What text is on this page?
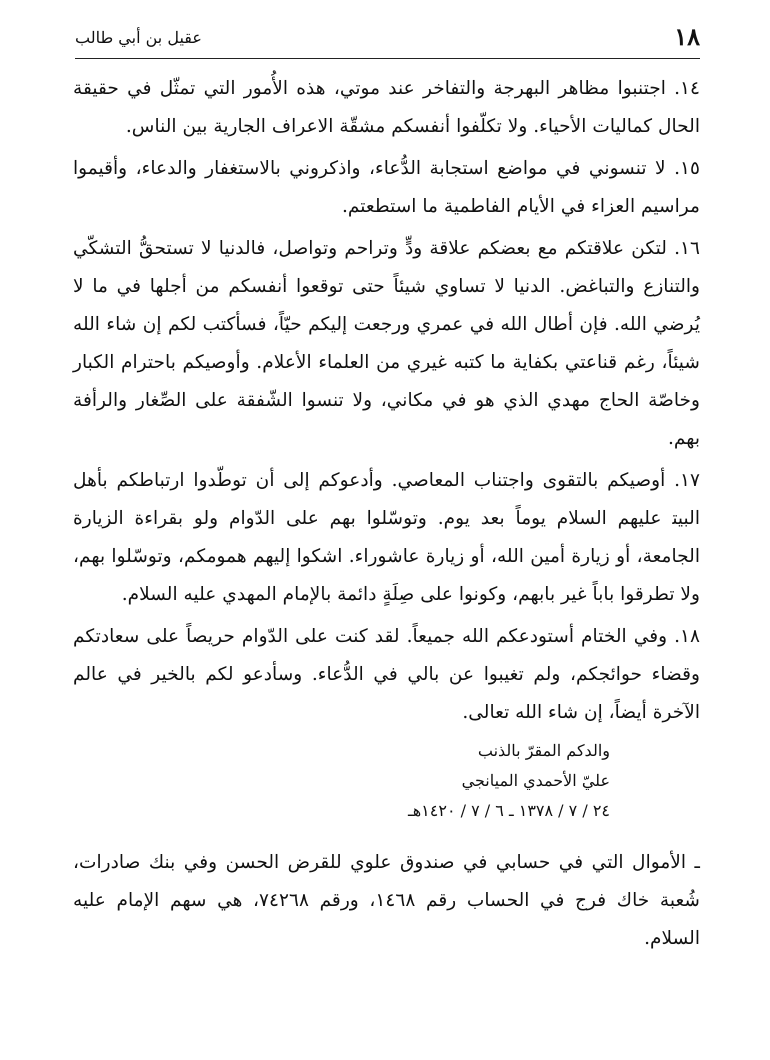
١٨
عقيل بن أبي طالب

١٤. اجتنبوا مظاهر البهرجة والتفاخر عند موتي، هذه الأُمور التي تمثّل في حقيقة الحال كماليات الأحياء. ولا تكلّفوا أنفسكم مشقّة الاعراف الجارية بين الناس.

١٥. لا تنسوني في مواضع استجابة الدُّعاء، واذكروني بالاستغفار والدعاء، وأقيموا مراسيم العزاء في الأيام الفاطمية ما استطعتم.

١٦. لتكن علاقتكم مع بعضكم علاقة ودٍّ وتراحم وتواصل، فالدنيا لا تستحقُّ التشكّي والتنازع والتباغض. الدنيا لا تساوي شيئاً حتى توقعوا أنفسكم من أجلها في ما لا يُرضي الله. فإن أطال الله في عمري ورجعت إليكم حيّاً، فسأكتب لكم إن شاء الله شيئاً، رغم قناعتي بكفاية ما كتبه غيري من العلماء الأعلام. وأوصيكم باحترام الكبار وخاصّة الحاج مهدي الذي هو في مكاني، ولا تنسوا الشّفقة على الصِّغار والرأفة بهم.

١٧. أوصيكم بالتقوى واجتناب المعاصي. وأدعوكم إلى أن توطّدوا ارتباطكم بأهل البيت‍ عليهم السلام يوماً بعد يوم. وتوسّلوا بهم على الدّوام ولو بقراءة الزيارة الجامعة، أو زيارة أمين الله، أو زيارة عاشوراء. اشكوا إليهم همومكم، وتوسّلوا بهم، ولا تطرقوا باباً غير بابهم، وكونوا على صِلَةٍ دائمة بالإمام المهدي عليه السلام.

١٨. وفي الختام أستودعكم الله جميعاً. لقد كنت على الدّوام حريصاً على سعادتكم وقضاء حوائجكم، ولم تغيبوا عن بالي في الدُّعاء. وسأدعو لكم بالخير في عالم الآخرة أيضاً، إن شاء الله تعالى.

والدكم المقرّ بالذنب
عليّ الأحمدي الميانجي
٢٤ / ٧ / ١٣٧٨ ـ ٦ / ٧ / ١٤٢٠هـ

ـ الأموال التي في حسابي في صندوق علوي للقرض الحسن وفي بنك صادرات، شُعبة خاك فرج في الحساب رقم ١٤٦٨، ورقم ٧٤٢٦٨، هي سهم الإمام عليه السلام.
